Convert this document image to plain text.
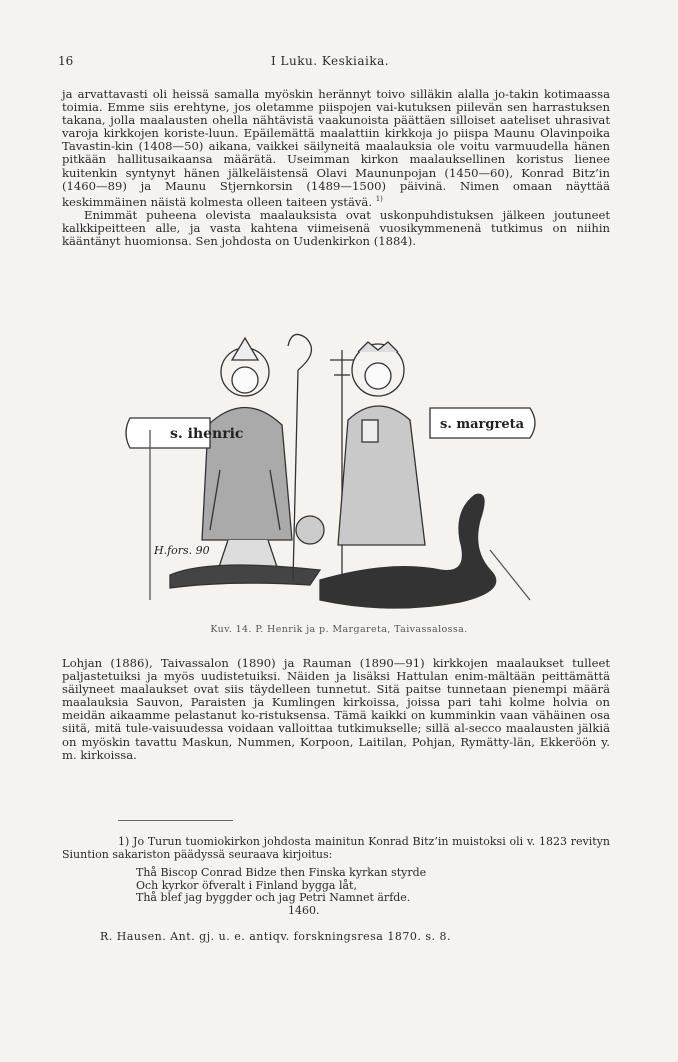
16	I Luku. Keskiaika.

ja arvattavasti oli heissä samalla myöskin herännyt toivo silläkin alalla jo-takin kotimaassa toimia. Emme siis erehtyne, jos oletamme piispojen vai-kutuksen piilevän sen harrastuksen takana, jolla maalausten ohella nähtävistä vaakunoista päättäen silloiset aateliset uhrasivat varoja kirkkojen koriste-luun. Epäilemättä maalattiin kirkkoja jo piispa Maunu Olavinpoika Tavastin-kin (1408—50) aikana, vaikkei säilyneitä maalauksia ole voitu varmuudella hänen pitkään hallitusaikaansa määrätä. Useimman kirkon maalauksellinen koristus lienee kuitenkin syntynyt hänen jälkeläistensä Olavi Maununpojan (1450—60), Konrad Bitz’in (1460—89) ja Maunu Stjernkorsin (1489—1500) päivinä. Nimen omaan näyttää keskimmäinen näistä kolmesta olleen taiteen ystävä. $^{1)}$

Enimmät puheena olevista maalauksista ovat uskonpuhdistuksen jälkeen joutuneet kalkkipeitteen alle, ja vasta kahtena viimeisenä vuosikymmenenä tutkimus on niihin kääntänyt huomionsa. Sen johdosta on Uudenkirkon (1884).

s. ihenric
s. margreta
H.fors. 90
Kuv. 14. P. Henrik ja p. Margareta, Taivassalossa.

Lohjan (1886), Taivassalon (1890) ja Rauman (1890—91) kirkkojen maalaukset tulleet paljastetuiksi ja myös uudistetuiksi. Näiden ja lisäksi Hattulan enim-mältään peittämättä säilyneet maalaukset ovat siis täydelleen tunnetut. Sitä paitse tunnetaan pienempi määrä maalauksia Sauvon, Paraisten ja Kumlingen kirkoissa, joissa pari tahi kolme holvia on meidän aikaamme pelastanut ko-ristuksensa. Tämä kaikki on kumminkin vaan vähäinen osa siitä, mitä tule-vaisuudessa voidaan valloittaa tutkimukselle; sillä al-secco maalausten jälkiä on myöskin tavattu Maskun, Nummen, Korpoon, Laitilan, Pohjan, Rymätty-län, Ekkeröön y. m. kirkoissa.

1) Jo Turun tuomiokirkon johdosta mainitun Konrad Bitz’in muistoksi oli v. 1823 revityn Siuntion sakariston päädyssä seuraava kirjoitus:
Thå Biscop Conrad Bidze then Finska kyrkan styrde
Och kyrkor öfveralt i Finland bygga låt,
Thå blef jag byggder och jag Petri Namnet ärfde.
1460.
R. Hausen. Ant. gj. u. e. antiqv. forskningsresa 1870. s. 8.
